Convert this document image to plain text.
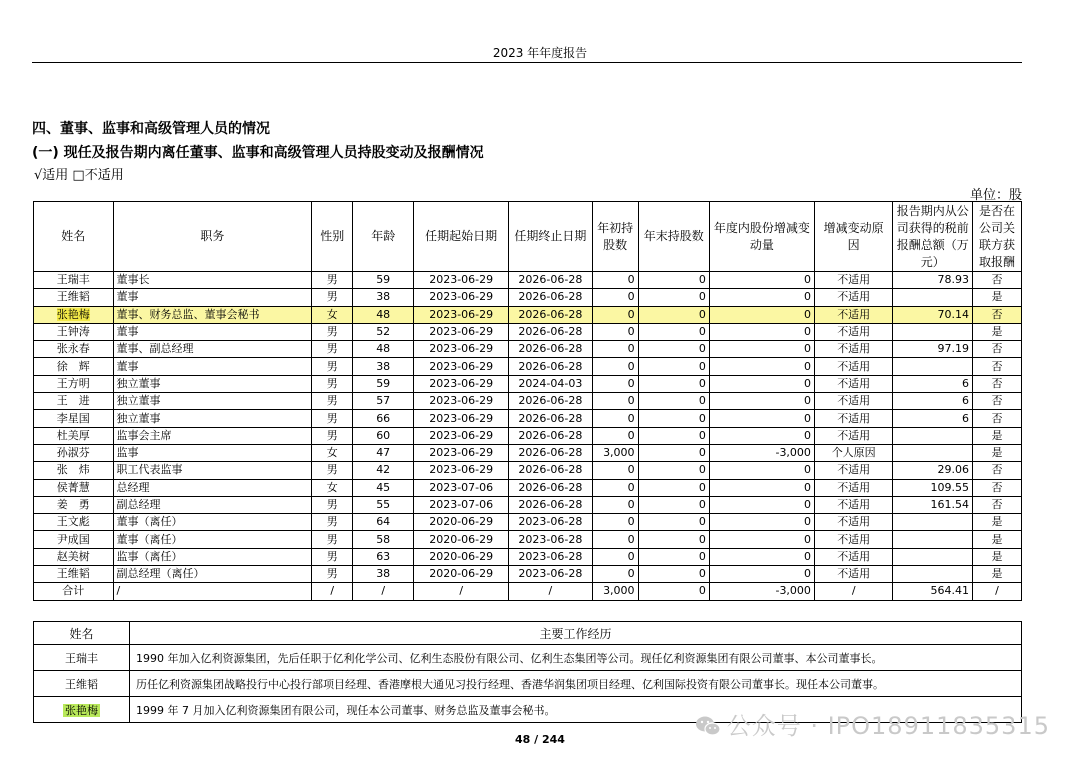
2023 年年度报告
四、董事、监事和高级管理人员的情况
(一) 现任及报告期内离任董事、监事和高级管理人员持股变动及报酬情况
√适用 □不适用
单位：股
姓名	职务	性别	年龄	任期起始日期	任期终止日期	年初持股数	年末持股数	年度内股份增减变动量	增减变动原因	报告期内从公司获得的税前报酬总额（万元）	是否在公司关联方获取报酬
王瑞丰	董事长	男	59	2023-06-29	2026-06-28	0	0	0	不适用	78.93	否
王维韬	董事	男	38	2023-06-29	2026-06-28	0	0	0	不适用		是
张艳梅	董事、财务总监、董事会秘书	女	48	2023-06-29	2026-06-28	0	0	0	不适用	70.14	否
王钟涛	董事	男	52	2023-06-29	2026-06-28	0	0	0	不适用		是
张永春	董事、副总经理	男	48	2023-06-29	2026-06-28	0	0	0	不适用	97.19	否
徐　辉	董事	男	38	2023-06-29	2026-06-28	0	0	0	不适用		否
王方明	独立董事	男	59	2023-06-29	2024-04-03	0	0	0	不适用	6	否
王　进	独立董事	男	57	2023-06-29	2026-06-28	0	0	0	不适用	6	否
李星国	独立董事	男	66	2023-06-29	2026-06-28	0	0	0	不适用	6	否
杜美厚	监事会主席	男	60	2023-06-29	2026-06-28	0	0	0	不适用		是
孙淑芬	监事	女	47	2023-06-29	2026-06-28	3,000	0	-3,000	个人原因		是
张　炜	职工代表监事	男	42	2023-06-29	2026-06-28	0	0	0	不适用	29.06	否
侯菁慧	总经理	女	45	2023-07-06	2026-06-28	0	0	0	不适用	109.55	否
姜　勇	副总经理	男	55	2023-07-06	2026-06-28	0	0	0	不适用	161.54	否
王文彪	董事（离任）	男	64	2020-06-29	2023-06-28	0	0	0	不适用		是
尹成国	董事（离任）	男	58	2020-06-29	2023-06-28	0	0	0	不适用		是
赵美树	监事（离任）	男	63	2020-06-29	2023-06-28	0	0	0	不适用		是
王维韬	副总经理（离任）	男	38	2020-06-29	2023-06-28	0	0	0	不适用		是
合计	/	/	/	/	/	3,000	0	-3,000	/	564.41	/
姓名	主要工作经历
王瑞丰	1990 年加入亿利资源集团，先后任职于亿利化学公司、亿利生态股份有限公司、亿利生态集团等公司。现任亿利资源集团有限公司董事、本公司董事长。
王维韬	历任亿利资源集团战略投行中心投行部项目经理、香港摩根大通见习投行经理、香港华润集团项目经理、亿利国际投资有限公司董事长。现任本公司董事。
张艳梅	1999 年 7 月加入亿利资源集团有限公司，现任本公司董事、财务总监及董事会秘书。
48 / 244	公众号 · IPO18911835315
